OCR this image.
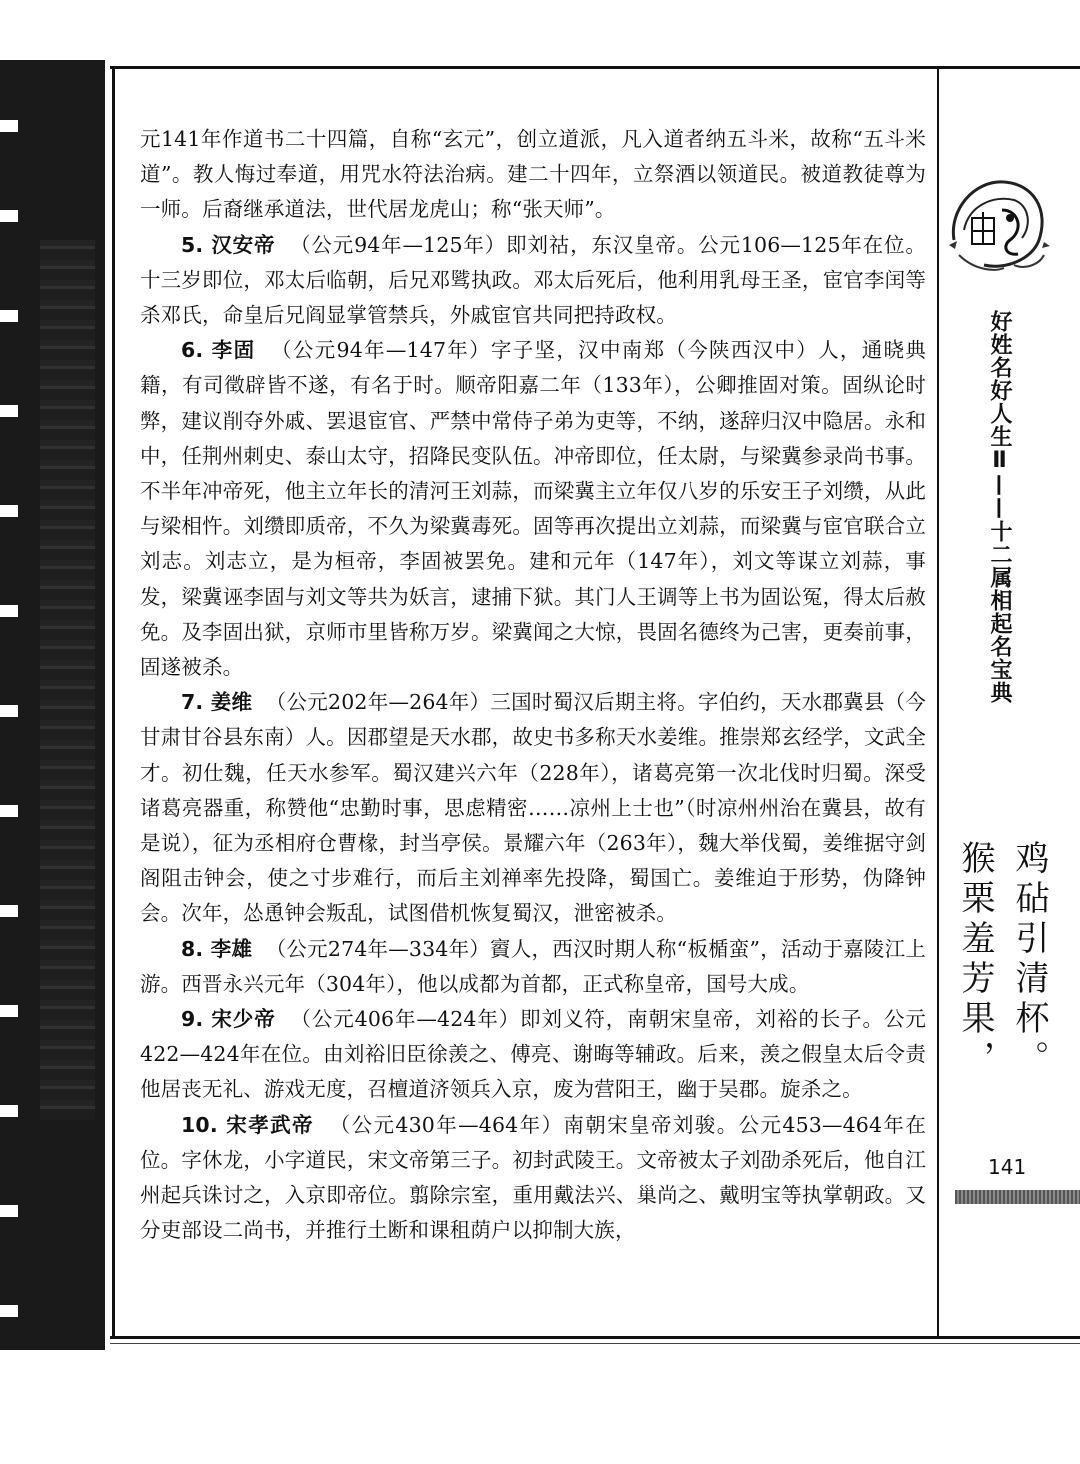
元141年作道书二十四篇，自称“玄元”，创立道派，凡入道者纳五斗米，故称“五斗米道”。教人悔过奉道，用咒水符法治病。建二十四年，立祭酒以领道民。被道教徒尊为一师。后裔继承道法，世代居龙虎山；称“张天师”。

5. 汉安帝 （公元94年—125年）即刘祜，东汉皇帝。公元106—125年在位。十三岁即位，邓太后临朝，后兄邓骘执政。邓太后死后，他利用乳母王圣，宦官李闰等杀邓氏，命皇后兄阎显掌管禁兵，外戚宦官共同把持政权。

6. 李固 （公元94年—147年）字子坚，汉中南郑（今陕西汉中）人，通晓典籍，有司徵辟皆不遂，有名于时。顺帝阳嘉二年（133年），公卿推固对策。固纵论时弊，建议削夺外戚、罢退宦官、严禁中常侍子弟为吏等，不纳，遂辞归汉中隐居。永和中，任荆州刺史、泰山太守，招降民变队伍。冲帝即位，任太尉，与梁冀参录尚书事。不半年冲帝死，他主立年长的清河王刘蒜，而梁冀主立年仅八岁的乐安王子刘缵，从此与梁相忤。刘缵即质帝，不久为梁冀毒死。固等再次提出立刘蒜，而梁冀与宦官联合立刘志。刘志立，是为桓帝，李固被罢免。建和元年（147年），刘文等谋立刘蒜，事发，梁冀诬李固与刘文等共为妖言，逮捕下狱。其门人王调等上书为固讼冤，得太后赦免。及李固出狱，京师市里皆称万岁。梁冀闻之大惊，畏固名德终为己害，更奏前事，固遂被杀。

7. 姜维 （公元202年—264年）三国时蜀汉后期主将。字伯约，天水郡冀县（今甘肃甘谷县东南）人。因郡望是天水郡，故史书多称天水姜维。推崇郑玄经学，文武全才。初仕魏，任天水参军。蜀汉建兴六年（228年），诸葛亮第一次北伐时归蜀。深受诸葛亮器重，称赞他“忠勤时事，思虑精密……凉州上士也”（时凉州州治在冀县，故有是说），征为丞相府仓曹椽，封当亭侯。景耀六年（263年），魏大举伐蜀，姜维据守剑阁阻击钟会，使之寸步难行，而后主刘禅率先投降，蜀国亡。姜维迫于形势，伪降钟会。次年，怂恿钟会叛乱，试图借机恢复蜀汉，泄密被杀。

8. 李雄 （公元274年—334年）賨人，西汉时期人称“板楯蛮”，活动于嘉陵江上游。西晋永兴元年（304年），他以成都为首都，正式称皇帝，国号大成。

9. 宋少帝 （公元406年—424年）即刘义符，南朝宋皇帝，刘裕的长子。公元422—424年在位。由刘裕旧臣徐羡之、傅亮、谢晦等辅政。后来，羡之假皇太后令责他居丧无礼、游戏无度，召檀道济领兵入京，废为营阳王，幽于吴郡。旋杀之。

10. 宋孝武帝 （公元430年—464年）南朝宋皇帝刘骏。公元453—464年在位。字休龙，小字道民，宋文帝第三子。初封武陵王。文帝被太子刘劭杀死后，他自江州起兵诛讨之，入京即帝位。翦除宗室，重用戴法兴、巢尚之、戴明宝等执掌朝政。又分吏部设二尚书，并推行土断和课租荫户以抑制大族，

好姓名好人生Ⅱ——十二属相起名宝典
鸡砧引清杯。
猴栗羞芳果，
141
